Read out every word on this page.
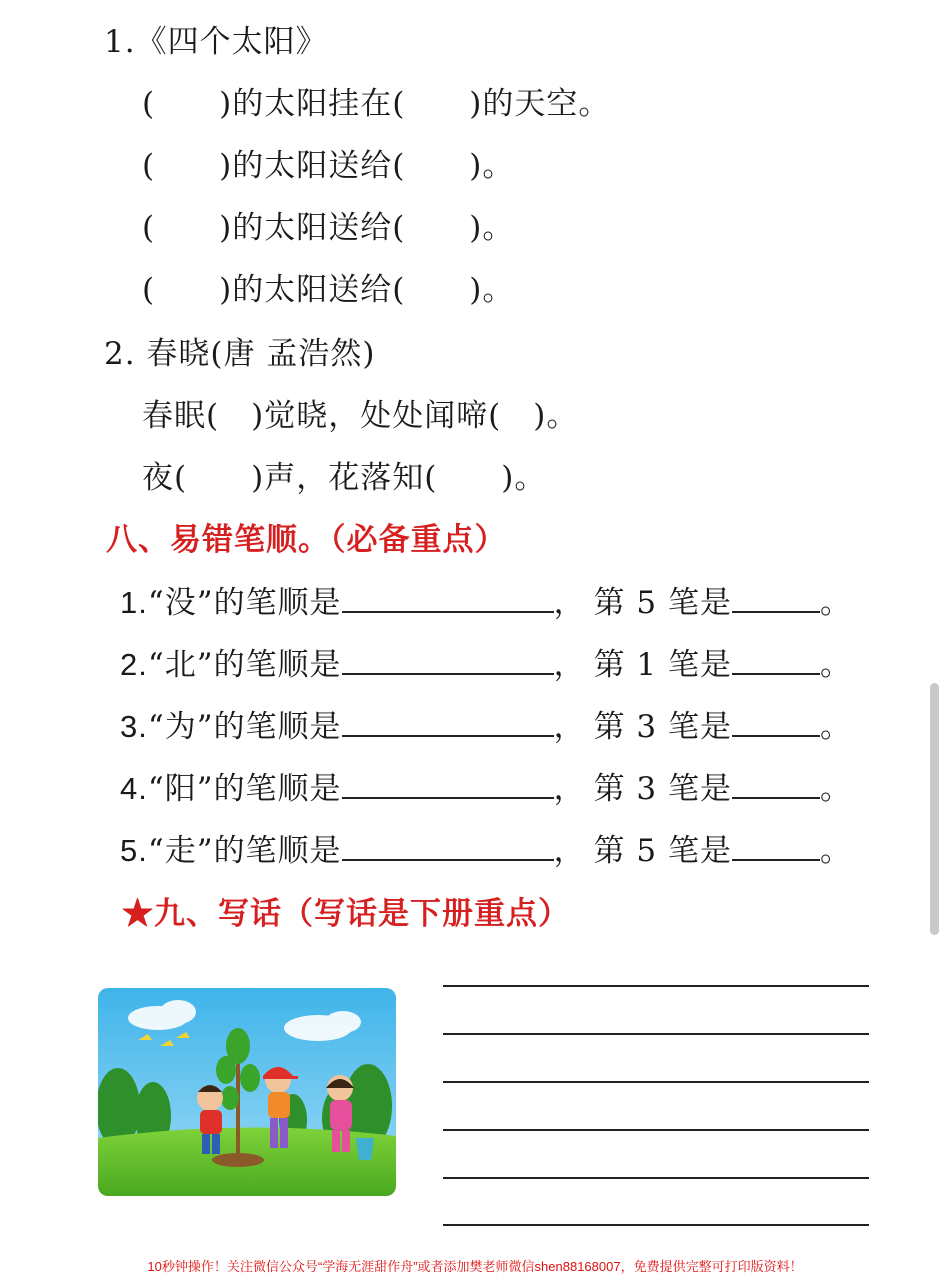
1.《四个太阳》
(　　)的太阳挂在(　　)的天空。
(　　)的太阳送给(　　)。
(　　)的太阳送给(　　)。
(　　)的太阳送给(　　)。
2. 春晓(唐 孟浩然)
春眠(　)觉晓，处处闻啼(　)。
夜(　　)声，花落知(　　)。
八、易错笔顺。（必备重点）
1.“没”的笔顺是	， 第 5 笔是	。
2.“北”的笔顺是	， 第 1 笔是	。
3.“为”的笔顺是	， 第 3 笔是	。
4.“阳”的笔顺是	， 第 3 笔是	。
5.“走”的笔顺是	， 第 5 笔是	。
★九、写话（写话是下册重点）
10秒钟操作！关注微信公众号“学海无涯甜作舟”或者添加樊老师微信shen88168007，免费提供完整可打印版资料！
